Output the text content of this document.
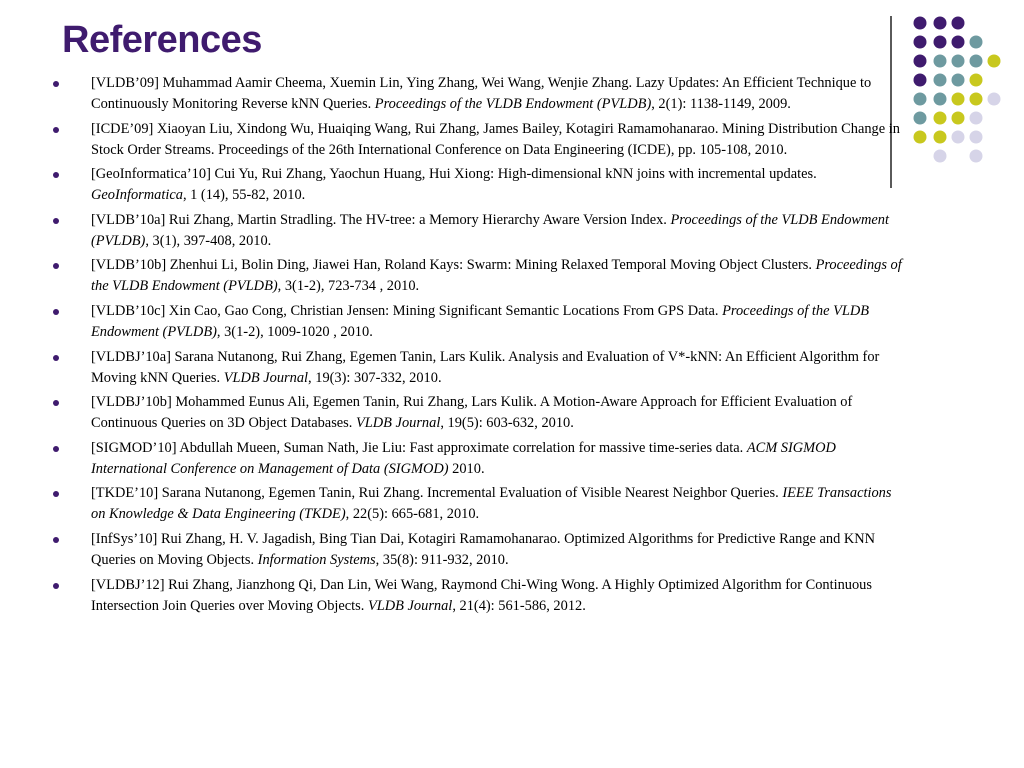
References
[VLDB’09] Muhammad Aamir Cheema, Xuemin Lin, Ying Zhang, Wei Wang, Wenjie Zhang. Lazy Updates: An Efficient Technique to Continuously Monitoring Reverse kNN Queries. Proceedings of the VLDB Endowment (PVLDB), 2(1): 1138-1149, 2009.
[ICDE’09] Xiaoyan Liu, Xindong Wu, Huaiqing Wang, Rui Zhang, James Bailey, Kotagiri Ramamohanarao. Mining Distribution Change in Stock Order Streams. Proceedings of the 26th International Conference on Data Engineering (ICDE), pp. 105-108, 2010.
[GeoInformatica’10] Cui Yu, Rui Zhang, Yaochun Huang, Hui Xiong: High-dimensional kNN joins with incremental updates. GeoInformatica, 1 (14), 55-82, 2010.
[VLDB’10a] Rui Zhang, Martin Stradling. The HV-tree: a Memory Hierarchy Aware Version Index. Proceedings of the VLDB Endowment (PVLDB), 3(1), 397-408, 2010.
[VLDB’10b] Zhenhui Li, Bolin Ding, Jiawei Han, Roland Kays: Swarm: Mining Relaxed Temporal Moving Object Clusters. Proceedings of the VLDB Endowment (PVLDB), 3(1-2), 723-734 , 2010.
[VLDB’10c] Xin Cao, Gao Cong, Christian Jensen: Mining Significant Semantic Locations From GPS Data. Proceedings of the VLDB Endowment (PVLDB), 3(1-2), 1009-1020 , 2010.
[VLDBJ’10a] Sarana Nutanong, Rui Zhang, Egemen Tanin, Lars Kulik. Analysis and Evaluation of V*-kNN: An Efficient Algorithm for Moving kNN Queries. VLDB Journal, 19(3): 307-332, 2010.
[VLDBJ’10b] Mohammed Eunus Ali, Egemen Tanin, Rui Zhang, Lars Kulik. A Motion-Aware Approach for Efficient Evaluation of Continuous Queries on 3D Object Databases. VLDB Journal, 19(5): 603-632, 2010.
[SIGMOD’10] Abdullah Mueen, Suman Nath, Jie Liu: Fast approximate correlation for massive time-series data. ACM SIGMOD International Conference on Management of Data (SIGMOD) 2010.
[TKDE’10] Sarana Nutanong, Egemen Tanin, Rui Zhang. Incremental Evaluation of Visible Nearest Neighbor Queries. IEEE Transactions on Knowledge & Data Engineering (TKDE), 22(5): 665-681, 2010.
[InfSys’10] Rui Zhang, H. V. Jagadish, Bing Tian Dai, Kotagiri Ramamohanarao. Optimized Algorithms for Predictive Range and KNN Queries on Moving Objects. Information Systems, 35(8): 911-932, 2010.
[VLDBJ’12] Rui Zhang, Jianzhong Qi, Dan Lin, Wei Wang, Raymond Chi-Wing Wong. A Highly Optimized Algorithm for Continuous Intersection Join Queries over Moving Objects. VLDB Journal, 21(4): 561-586, 2012.
